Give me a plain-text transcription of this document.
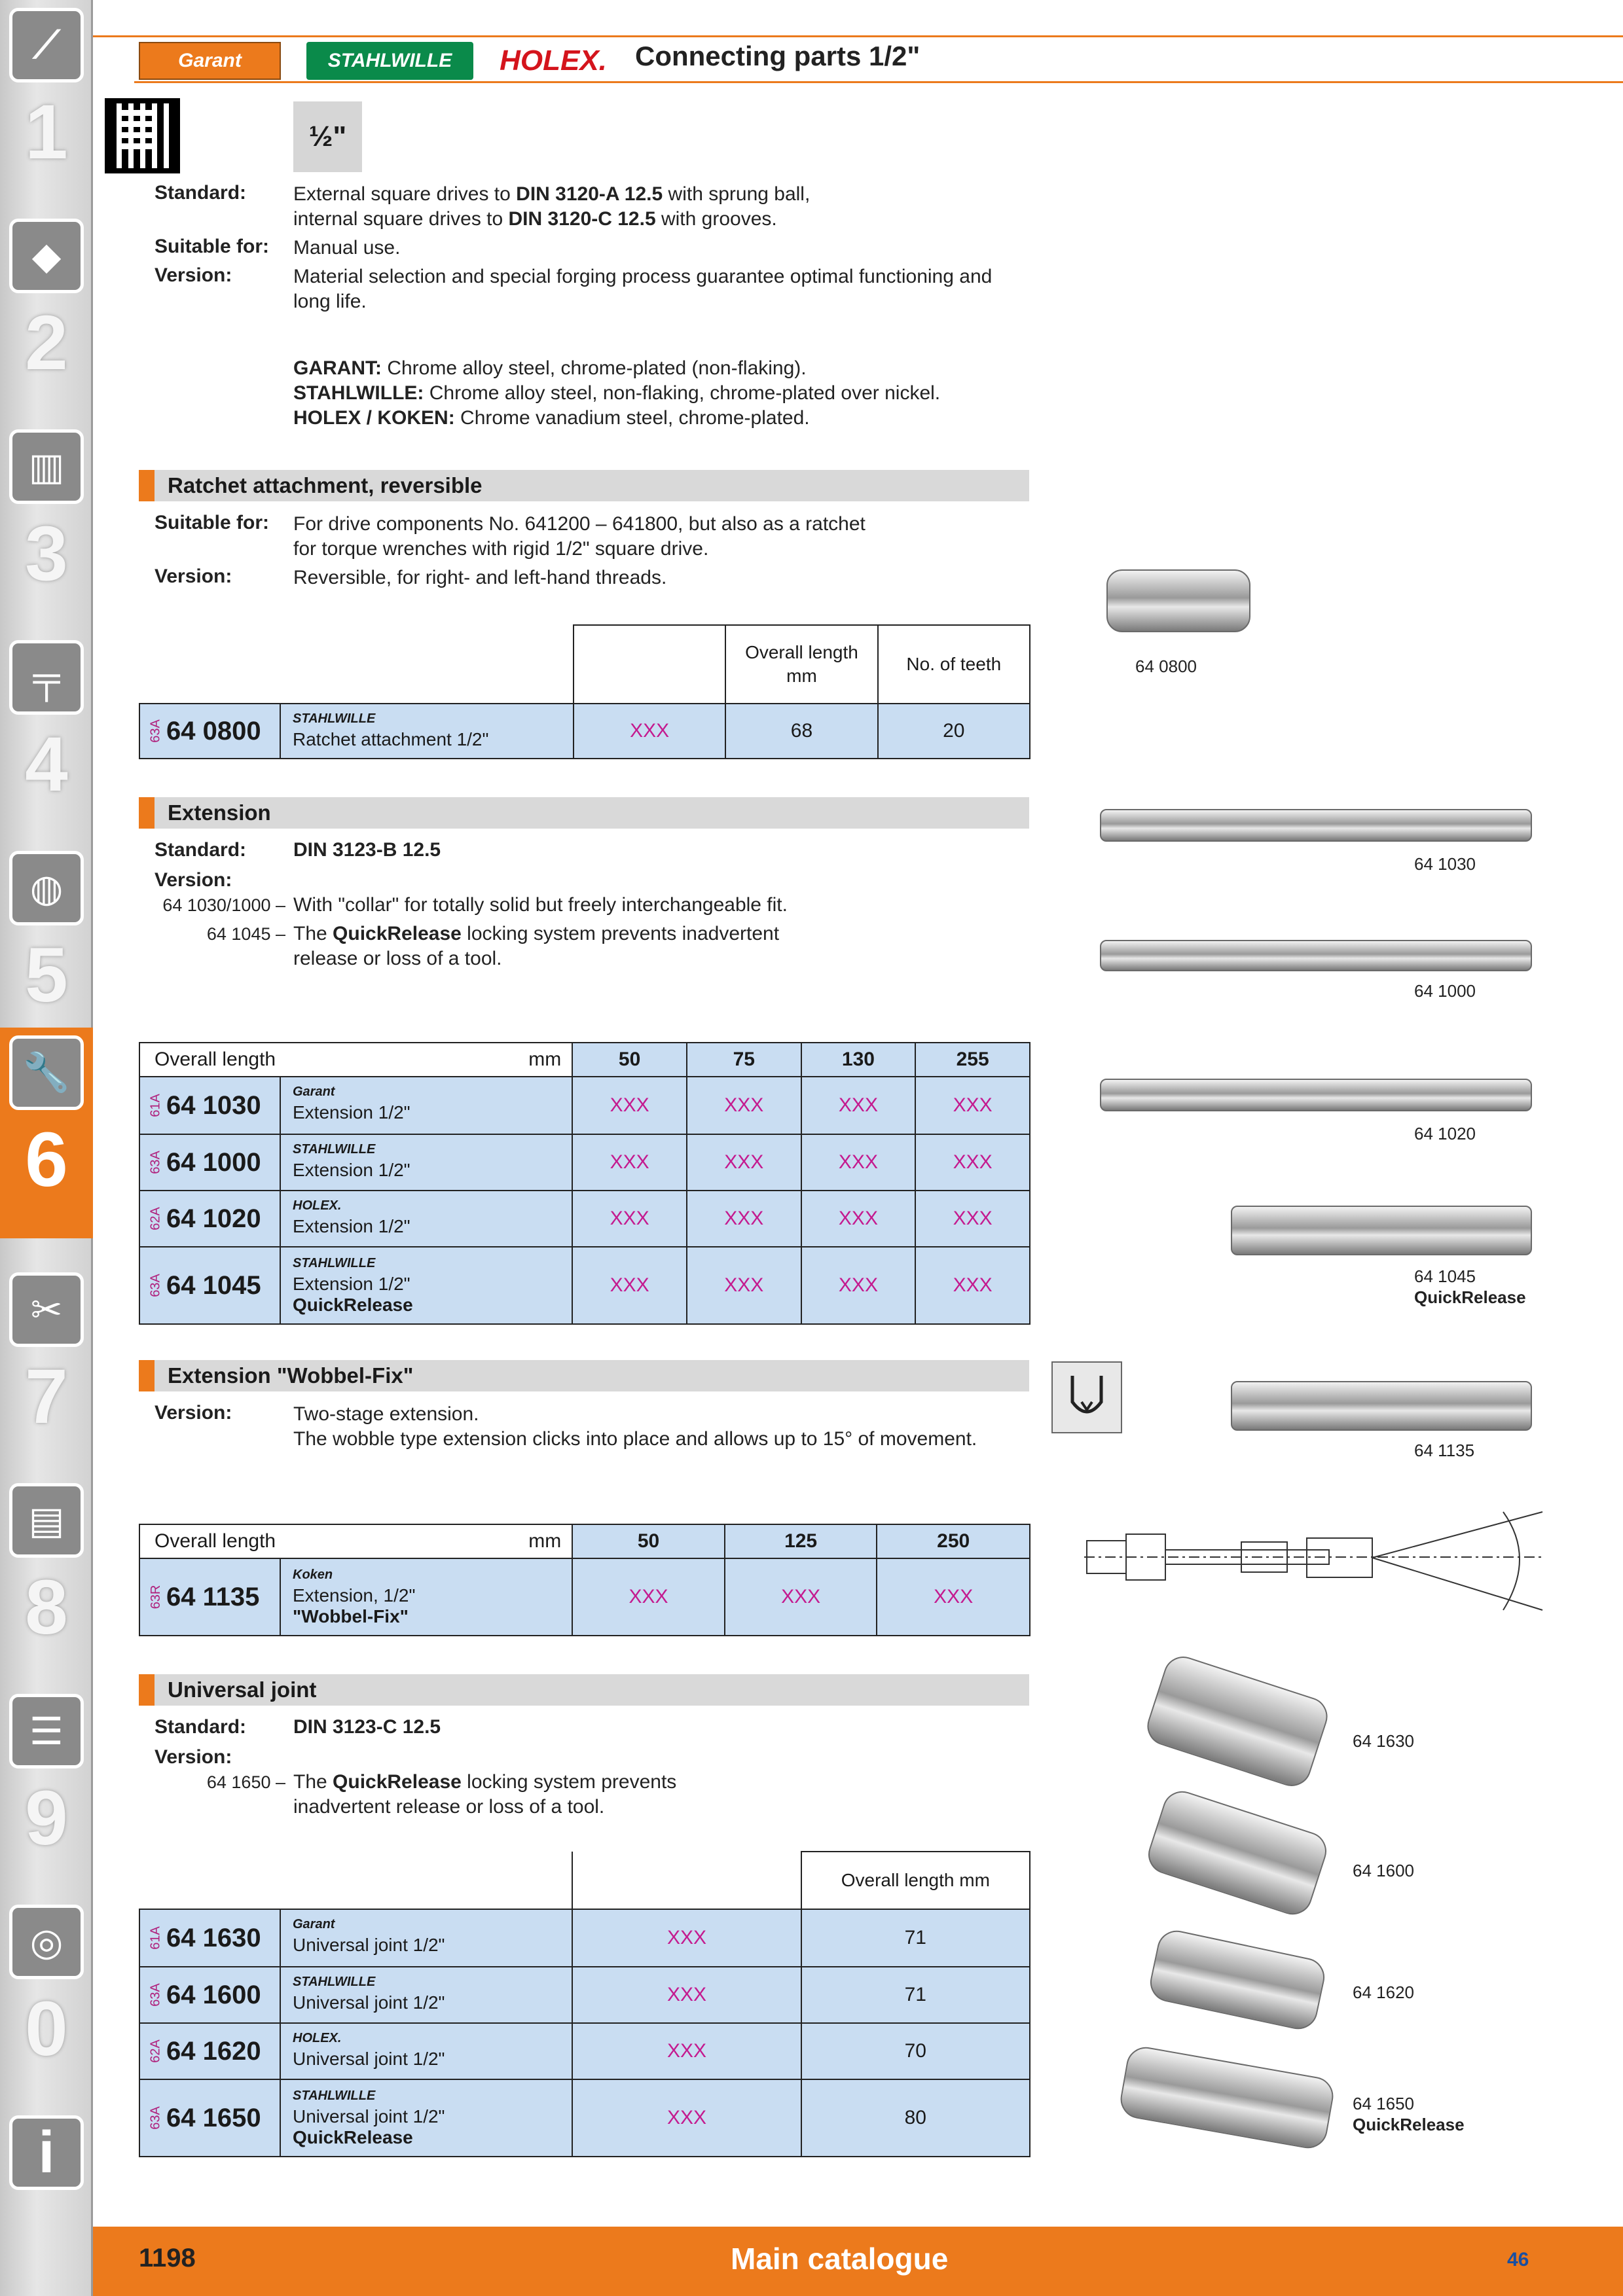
⟋
1
◆
2
▥
3
╤
4
◍
5
🔧
6
✂
7
▤
8
☰
9
◎
0
i
Garant	STAHLWILLE HOLEX. Connecting parts 1/2"
½"
Standard: External square drives to DIN 3120-A 12.5 with sprung ball,
internal square drives to DIN 3120-C 12.5 with grooves.
Suitable for: Manual use.
Version:	Material selection and special forging process guarantee optimal functioning and
long life.
GARANT: Chrome alloy steel, chrome-plated (non-flaking).
STAHLWILLE: Chrome alloy steel, non-flaking, chrome-plated over nickel.
HOLEX / KOKEN: Chrome vanadium steel, chrome-plated.
Ratchet attachment, reversible
Suitable for: For drive components No. 641200 – 641800, but also as a ratchet
for torque wrenches with rigid 1/2" square drive.
Version:	Reversible, for right- and left-hand threads.
		Overall length mm	No. of teeth

63A 64 0800 STAHLWILLE
Ratchet attachment 1/2"	XXX	68	20
64 0800
Extension
Standard: DIN 3123-B 12.5
Version:
64 1030/1000 – With "collar" for totally solid but freely interchangeable fit.
64 1045 – The QuickRelease locking system prevents inadvertent
release or loss of a tool.
Overall length mm	50	75	130	255

61A 64 1030 Garant
Extension 1/2"	XXX	XXX	XXX	XXX

63A 64 1000 STAHLWILLE
Extension 1/2"	XXX	XXX	XXX	XXX

62A 64 1020 HOLEX.
Extension 1/2"	XXX	XXX	XXX	XXX

63A 64 1045
STAHLWILLE
Extension 1/2"
QuickRelease	XXX	XXX	XXX	XXX
64 1030
64 1000
64 1020
64 1045
QuickRelease
Extension "Wobbel-Fix"
Version:	Two-stage extension.
The wobble type extension clicks into place and allows up to 15° of movement.
Overall length mm	50	125	250

63R 64 1135
Koken
Extension, 1/2"
"Wobbel-Fix"	XXX	XXX	XXX
64 1135
Universal joint
Standard: DIN 3123-C 12.5
Version:
64 1650 – The QuickRelease locking system prevents
inadvertent release or loss of a tool.
		Overall length mm

61A 64 1630 Garant
Universal joint 1/2"	XXX	71

63A 64 1600 STAHLWILLE
Universal joint 1/2"	XXX	71

62A 64 1620 HOLEX.
Universal joint 1/2"	XXX	70

63A 64 1650
STAHLWILLE
Universal joint 1/2"
QuickRelease	XXX	80
64 1630
64 1600
64 1620
64 1650
QuickRelease
1198	Main catalogue	46
